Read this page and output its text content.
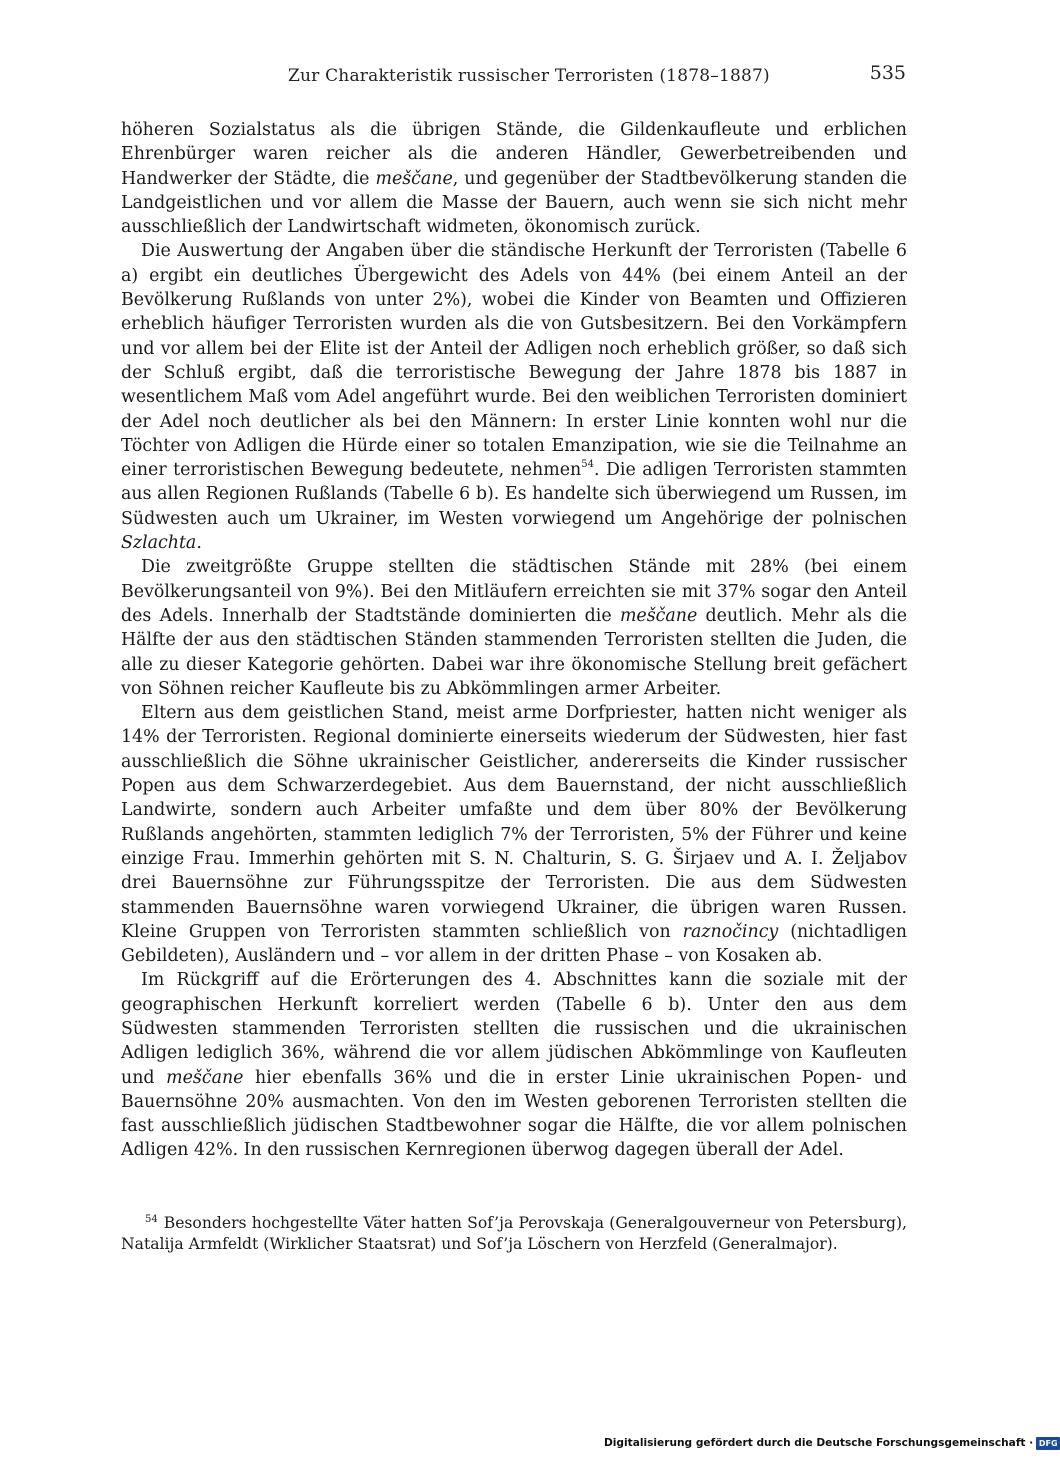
Zur Charakteristik russischer Terroristen (1878–1887)	535

höheren Sozialstatus als die übrigen Stände, die Gildenkaufleute und erblichen Ehrenbürger waren reicher als die anderen Händler, Gewerbetreibenden und Handwerker der Städte, die meščane, und gegenüber der Stadtbevölkerung standen die Landgeistlichen und vor allem die Masse der Bauern, auch wenn sie sich nicht mehr ausschließlich der Landwirtschaft widmeten, ökonomisch zurück.

Die Auswertung der Angaben über die ständische Herkunft der Terroristen (Tabelle 6 a) ergibt ein deutliches Übergewicht des Adels von 44% (bei einem Anteil an der Bevölkerung Rußlands von unter 2%), wobei die Kinder von Beamten und Offizieren erheblich häufiger Terroristen wurden als die von Gutsbesitzern. Bei den Vorkämpfern und vor allem bei der Elite ist der Anteil der Adligen noch erheblich größer, so daß sich der Schluß ergibt, daß die terroristische Bewegung der Jahre 1878 bis 1887 in wesentlichem Maß vom Adel angeführt wurde. Bei den weiblichen Terroristen dominiert der Adel noch deutlicher als bei den Männern: In erster Linie konnten wohl nur die Töchter von Adligen die Hürde einer so totalen Emanzipation, wie sie die Teilnahme an einer terroristischen Bewegung bedeutete, nehmen$^{54}$. Die adligen Terroristen stammten aus allen Regionen Rußlands (Tabelle 6 b). Es handelte sich überwiegend um Russen, im Südwesten auch um Ukrainer, im Westen vorwiegend um Angehörige der polnischen Szlachta.

Die zweitgrößte Gruppe stellten die städtischen Stände mit 28% (bei einem Bevölkerungsanteil von 9%). Bei den Mitläufern erreichten sie mit 37% sogar den Anteil des Adels. Innerhalb der Stadtstände dominierten die meščane deutlich. Mehr als die Hälfte der aus den städtischen Ständen stammenden Terroristen stellten die Juden, die alle zu dieser Kategorie gehörten. Dabei war ihre ökonomische Stellung breit gefächert von Söhnen reicher Kaufleute bis zu Abkömmlingen armer Arbeiter.

Eltern aus dem geistlichen Stand, meist arme Dorfpriester, hatten nicht weniger als 14% der Terroristen. Regional dominierte einerseits wiederum der Südwesten, hier fast ausschließlich die Söhne ukrainischer Geistlicher, andererseits die Kinder russischer Popen aus dem Schwarzerdegebiet. Aus dem Bauernstand, der nicht ausschließlich Landwirte, sondern auch Arbeiter umfaßte und dem über 80% der Bevölkerung Rußlands angehörten, stammten lediglich 7% der Terroristen, 5% der Führer und keine einzige Frau. Immerhin gehörten mit S. N. Chalturin, S. G. Širjaev und A. I. Željabov drei Bauernsöhne zur Führungsspitze der Terroristen. Die aus dem Südwesten stammenden Bauernsöhne waren vorwiegend Ukrainer, die übrigen waren Russen. Kleine Gruppen von Terroristen stammten schließlich von raznočincy (nichtadligen Gebildeten), Ausländern und – vor allem in der dritten Phase – von Kosaken ab.

Im Rückgriff auf die Erörterungen des 4. Abschnittes kann die soziale mit der geographischen Herkunft korreliert werden (Tabelle 6 b). Unter den aus dem Südwesten stammenden Terroristen stellten die russischen und die ukrainischen Adligen lediglich 36%, während die vor allem jüdischen Abkömmlinge von Kaufleuten und meščane hier ebenfalls 36% und die in erster Linie ukrainischen Popen- und Bauernsöhne 20% ausmachten. Von den im Westen geborenen Terroristen stellten die fast ausschließlich jüdischen Stadtbewohner sogar die Hälfte, die vor allem polnischen Adligen 42%. In den russischen Kernregionen überwog dagegen überall der Adel.

$^{54}$ Besonders hochgestellte Väter hatten Sof’ja Perovskaja (Generalgouverneur von Petersburg), Natalija Armfeldt (Wirklicher Staatsrat) und Sof’ja Löschern von Herzfeld (Generalmajor).
Digitalisierung gefördert durch die Deutsche Forschungsgemeinschaft · DFG
